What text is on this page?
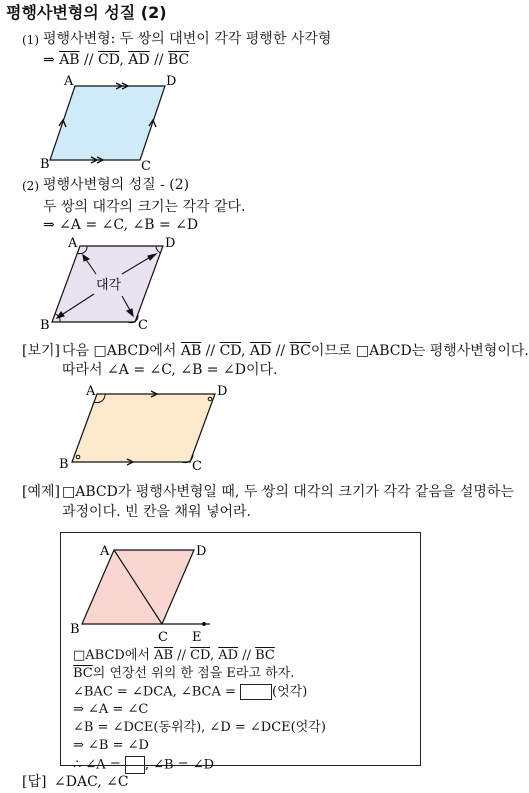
평행사변형의 성질 (2)
(1) 평행사변형: 두 쌍의 대변이 각각 평행한 사각형
⇒ $\overline{AB} // \overline{CD}$, $\overline{AD} // \overline{BC}$
A	D
B	C
(2) 평행사변형의 성질 - (2)
두 쌍의 대각의 크기는 각각 같다.
⇒ ∠A = ∠C, ∠B = ∠D
대각
A	D
B	C
[보기] 다음 □ABCD에서 $\overline{AB} // \overline{CD}$, $\overline{AD} // \overline{BC}$이므로 □ABCD는 평행사변형이다.
따라서 ∠A = ∠C, ∠B = ∠D이다.
A	D
B	C
[예제] □ABCD가 평행사변형일 때, 두 쌍의 대각의 크기가 각각 같음을 설명하는
과정이다. 빈 칸을 채워 넣어라.
A	D
B
C E
□ABCD에서 $\overline{AB} // \overline{CD}$, $\overline{AD} // \overline{BC}$
$\overline{BC}$의 연장선 위의 한 점을 E라고 하자.
∠BAC = ∠DCA, ∠BCA = (엇각)
⇒ ∠A = ∠C
∠B = ∠DCE(동위각), ∠D = ∠DCE(엇각)
⇒ ∠B = ∠D
∴ ∠A = , ∠B = ∠D
[답] ∠DAC, ∠C
